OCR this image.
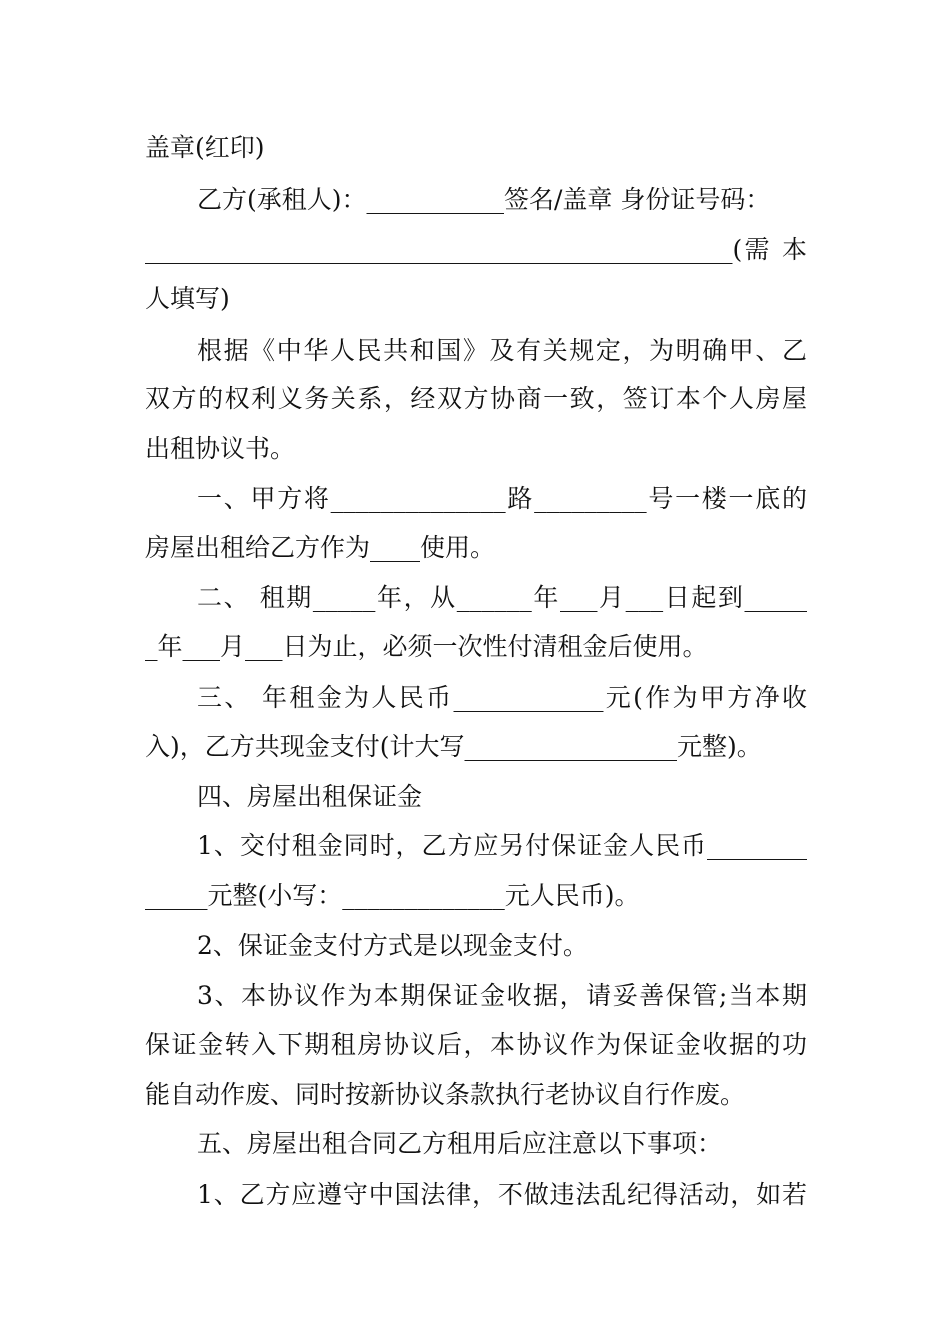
盖章(红印)
乙方(承租人)：___________签名/盖章 身份证号码：
_______________________________________________(需 本
人填写)
根据《中华人民共和国》及有关规定，为明确甲、乙
双方的权利义务关系，经双方协商一致，签订本个人房屋
出租协议书。
一、甲方将______________路_________号一楼一底的
房屋出租给乙方作为____使用。
二、 租期_____年，从______年___月___日起到_____
_年___月___日为止，必须一次性付清租金后使用。
三、 年租金为人民币____________元(作为甲方净收
入)，乙方共现金支付(计大写_________________元整)。
四、房屋出租保证金
1、交付租金同时，乙方应另付保证金人民币________
_____元整(小写：_____________元人民币)。
2、保证金支付方式是以现金支付。
3、本协议作为本期保证金收据，请妥善保管;当本期
保证金转入下期租房协议后，本协议作为保证金收据的功
能自动作废、同时按新协议条款执行老协议自行作废。
五、房屋出租合同乙方租用后应注意以下事项：
1、乙方应遵守中国法律，不做违法乱纪得活动，如若
